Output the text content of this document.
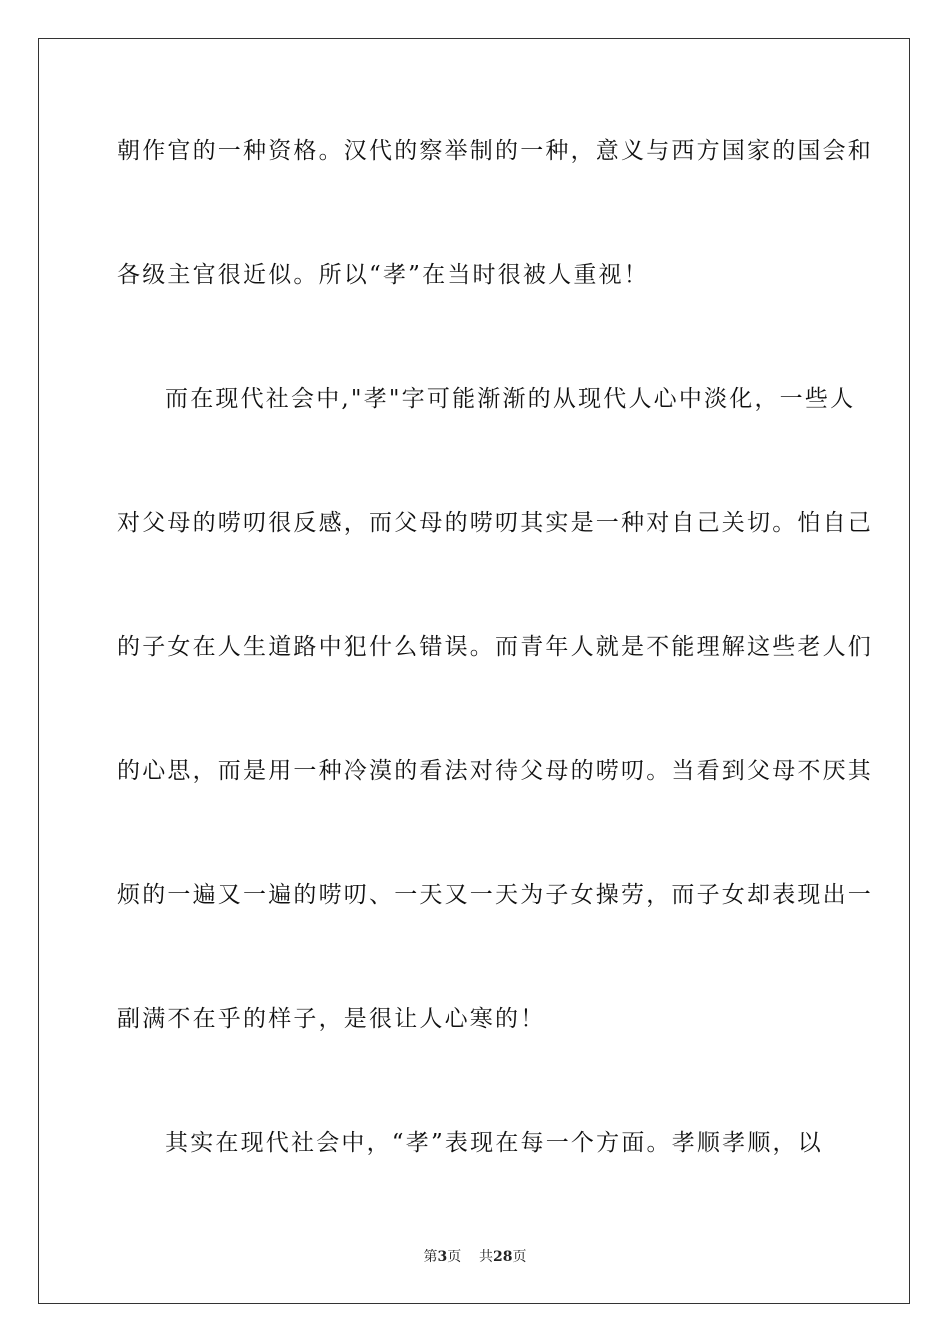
朝作官的一种资格。汉代的察举制的一种，意义与西方国家的国会和
各级主官很近似。所以“孝”在当时很被人重视！
而在现代社会中,"孝"字可能渐渐的从现代人心中淡化，一些人
对父母的唠叨很反感，而父母的唠叨其实是一种对自己关切。怕自己
的子女在人生道路中犯什么错误。而青年人就是不能理解这些老人们
的心思，而是用一种冷漠的看法对待父母的唠叨。当看到父母不厌其
烦的一遍又一遍的唠叨、一天又一天为子女操劳，而子女却表现出一
副满不在乎的样子，是很让人心寒的！
其实在现代社会中，“孝”表现在每一个方面。孝顺孝顺，以
第3页 共28页
